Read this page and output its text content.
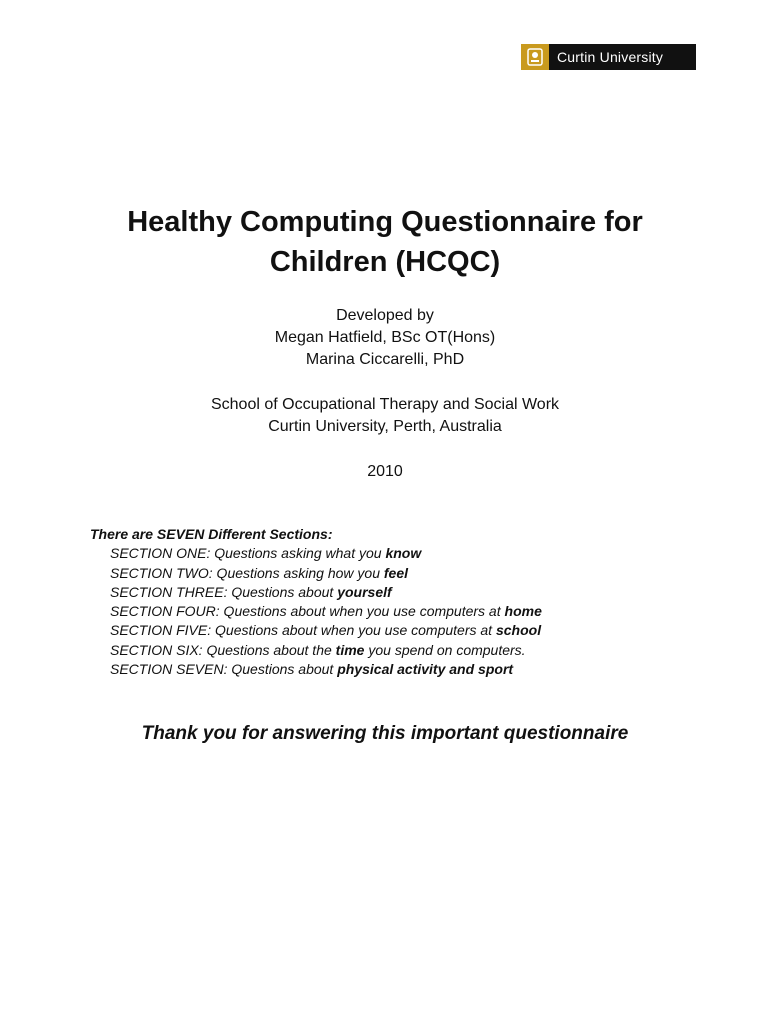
Curtin University
Healthy Computing Questionnaire for
Children (HCQC)
Developed by
Megan Hatfield, BSc OT(Hons)
Marina Ciccarelli, PhD
School of Occupational Therapy and Social Work
Curtin University, Perth, Australia
2010
There are SEVEN Different Sections:
SECTION ONE: Questions asking what you know
SECTION TWO: Questions asking how you feel
SECTION THREE: Questions about yourself
SECTION FOUR: Questions about when you use computers at home
SECTION FIVE: Questions about when you use computers at school
SECTION SIX: Questions about the time you spend on computers.
SECTION SEVEN: Questions about physical activity and sport
Thank you for answering this important questionnaire
